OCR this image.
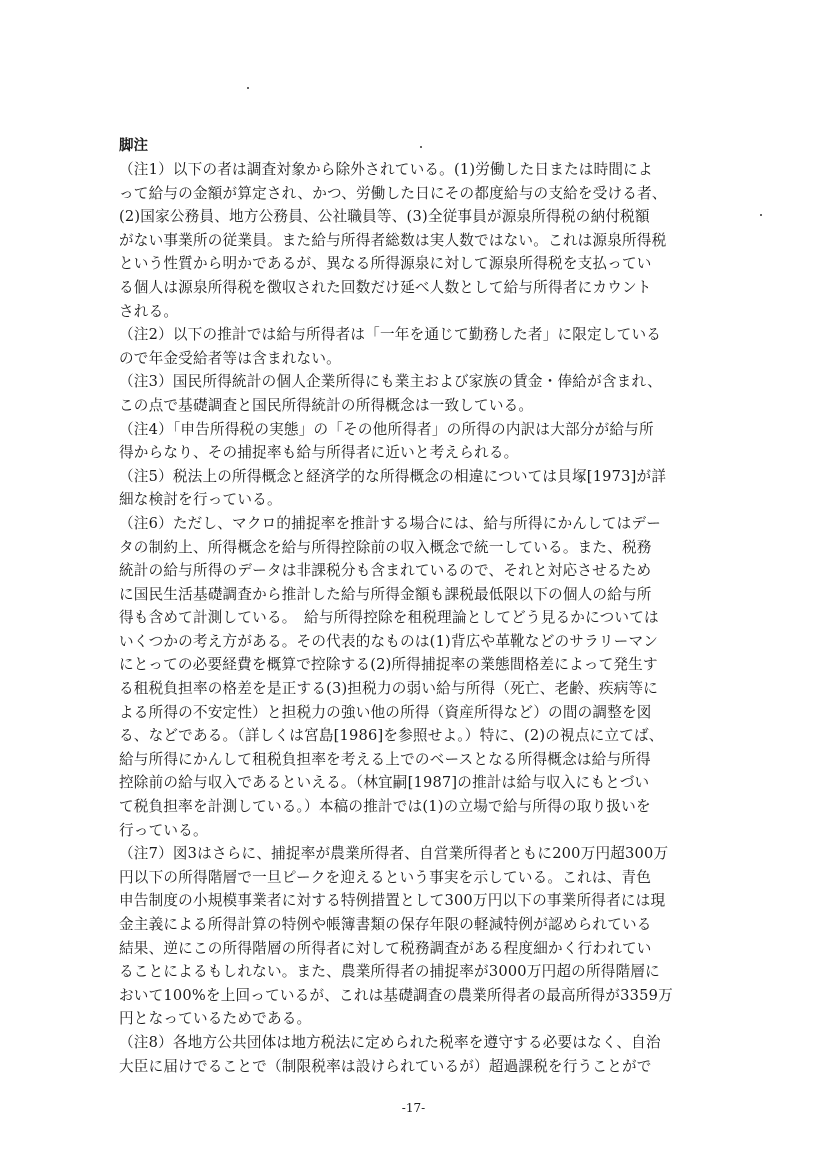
脚注
（注1）以下の者は調査対象から除外されている。(1)労働した日または時間によ
って給与の金額が算定され、かつ、労働した日にその都度給与の支給を受ける者、
(2)国家公務員、地方公務員、公社職員等、(3)全従事員が源泉所得税の納付税額
がない事業所の従業員。また給与所得者総数は実人数ではない。これは源泉所得税
という性質から明かであるが、異なる所得源泉に対して源泉所得税を支払ってい
る個人は源泉所得税を徴収された回数だけ延べ人数として給与所得者にカウント
される。
（注2）以下の推計では給与所得者は「一年を通じて勤務した者」に限定している
ので年金受給者等は含まれない。
（注3）国民所得統計の個人企業所得にも業主および家族の賃金・俸給が含まれ、
この点で基礎調査と国民所得統計の所得概念は一致している。
（注4）「申告所得税の実態」の「その他所得者」の所得の内訳は大部分が給与所
得からなり、その捕捉率も給与所得者に近いと考えられる。
（注5）税法上の所得概念と経済学的な所得概念の相違については貝塚[1973]が詳
細な検討を行っている。
（注6）ただし、マクロ的捕捉率を推計する場合には、給与所得にかんしてはデー
タの制約上、所得概念を給与所得控除前の収入概念で統一している。また、税務
統計の給与所得のデータは非課税分も含まれているので、それと対応させるため
に国民生活基礎調査から推計した給与所得金額も課税最低限以下の個人の給与所
得も含めて計測している。　給与所得控除を租税理論としてどう見るかについては
いくつかの考え方がある。その代表的なものは(1)背広や革靴などのサラリーマン
にとっての必要経費を概算で控除する(2)所得捕捉率の業態間格差によって発生す
る租税負担率の格差を是正する(3)担税力の弱い給与所得（死亡、老齢、疾病等に
よる所得の不安定性）と担税力の強い他の所得（資産所得など）の間の調整を図
る、などである。（詳しくは宮島[1986]を参照せよ。）特に、(2)の視点に立てば、
給与所得にかんして租税負担率を考える上でのベースとなる所得概念は給与所得
控除前の給与収入であるといえる。（林宜嗣[1987]の推計は給与収入にもとづい
て税負担率を計測している。）本稿の推計では(1)の立場で給与所得の取り扱いを
行っている。
（注7）図3はさらに、捕捉率が農業所得者、自営業所得者ともに200万円超300万
円以下の所得階層で一旦ピークを迎えるという事実を示している。これは、青色
申告制度の小規模事業者に対する特例措置として300万円以下の事業所得者には現
金主義による所得計算の特例や帳簿書類の保存年限の軽減特例が認められている
結果、逆にこの所得階層の所得者に対して税務調査がある程度細かく行われてい
ることによるもしれない。また、農業所得者の捕捉率が3000万円超の所得階層に
おいて100%を上回っているが、これは基礎調査の農業所得者の最高所得が3359万
円となっているためである。
（注8）各地方公共団体は地方税法に定められた税率を遵守する必要はなく、自治
大臣に届けでることで（制限税率は設けられているが）超過課税を行うことがで
-17-
